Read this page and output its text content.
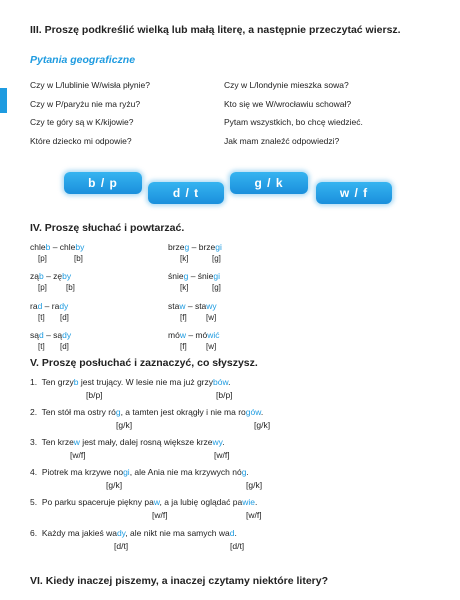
III. Proszę podkreślić wielką lub małą literę, a następnie przeczytać wiersz.
Pytania geograficzne
Czy w L/lublinie W/wisła płynie?
Czy w P/paryżu nie ma ryżu?
Czy te góry są w K/kijowie?
Które dziecko mi odpowie?
Czy w L/londynie mieszka sowa?
Kto się we W/wrocławiu schował?
Pytam wszystkich, bo chcę wiedzieć.
Jak mam znaleźć odpowiedzi?
b / p
d / t
g / k
w / f
IV. Proszę słuchać i powtarzać.
chleb – chleby
[p]	[b]
ząb – zęby
[p] [b]
rad – rady
[t] [d]
sąd – sądy
[t] [d]
brzeg – brzegi
[k]	[g]
śnieg – śniegi
[k]	[g]
staw – stawy
[f] [w]
mów – mówić
[f] [w]
V. Proszę posłuchać i zaznaczyć, co słyszysz.
1. Ten grzyb jest trujący. W lesie nie ma już grzybów.
[b/p]	[b/p]
2. Ten stół ma ostry róg, a tamten jest okrągły i nie ma rogów.
[g/k]	[g/k]
3. Ten krzew jest mały, dalej rosną większe krzewy.
[w/f]	[w/f]
4. Piotrek ma krzywe nogi, ale Ania nie ma krzywych nóg.
[g/k]	[g/k]
5. Po parku spaceruje piękny paw, a ja lubię oglądać pawie.
[w/f]	[w/f]
6. Każdy ma jakieś wady, ale nikt nie ma samych wad.
[d/t]	[d/t]
VI. Kiedy inaczej piszemy, a inaczej czytamy niektóre litery?
